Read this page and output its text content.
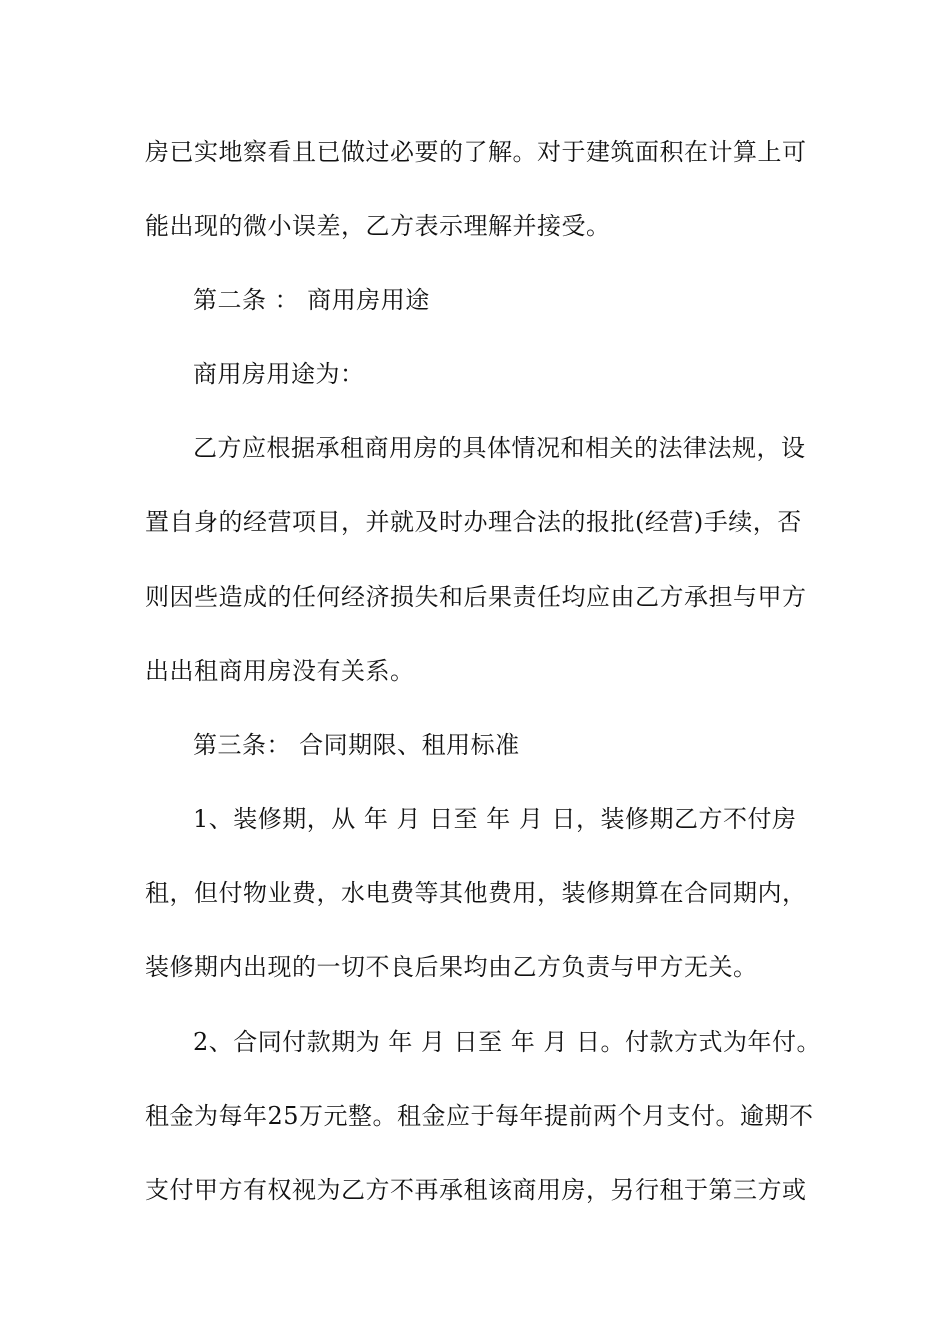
房已实地察看且已做过必要的了解。对于建筑面积在计算上可
能出现的微小误差，乙方表示理解并接受。
第二条 ： 商用房用途
商用房用途为：
乙方应根据承租商用房的具体情况和相关的法律法规，设
置自身的经营项目，并就及时办理合法的报批(经营)手续，否
则因些造成的任何经济损失和后果责任均应由乙方承担与甲方
出出租商用房没有关系。
第三条： 合同期限、租用标准
1、装修期，从 年 月 日至 年 月 日，装修期乙方不付房
租，但付物业费，水电费等其他费用，装修期算在合同期内，
装修期内出现的一切不良后果均由乙方负责与甲方无关。
2、合同付款期为 年 月 日至 年 月 日。付款方式为年付。
租金为每年25万元整。租金应于每年提前两个月支付。逾期不
支付甲方有权视为乙方不再承租该商用房，另行租于第三方或
